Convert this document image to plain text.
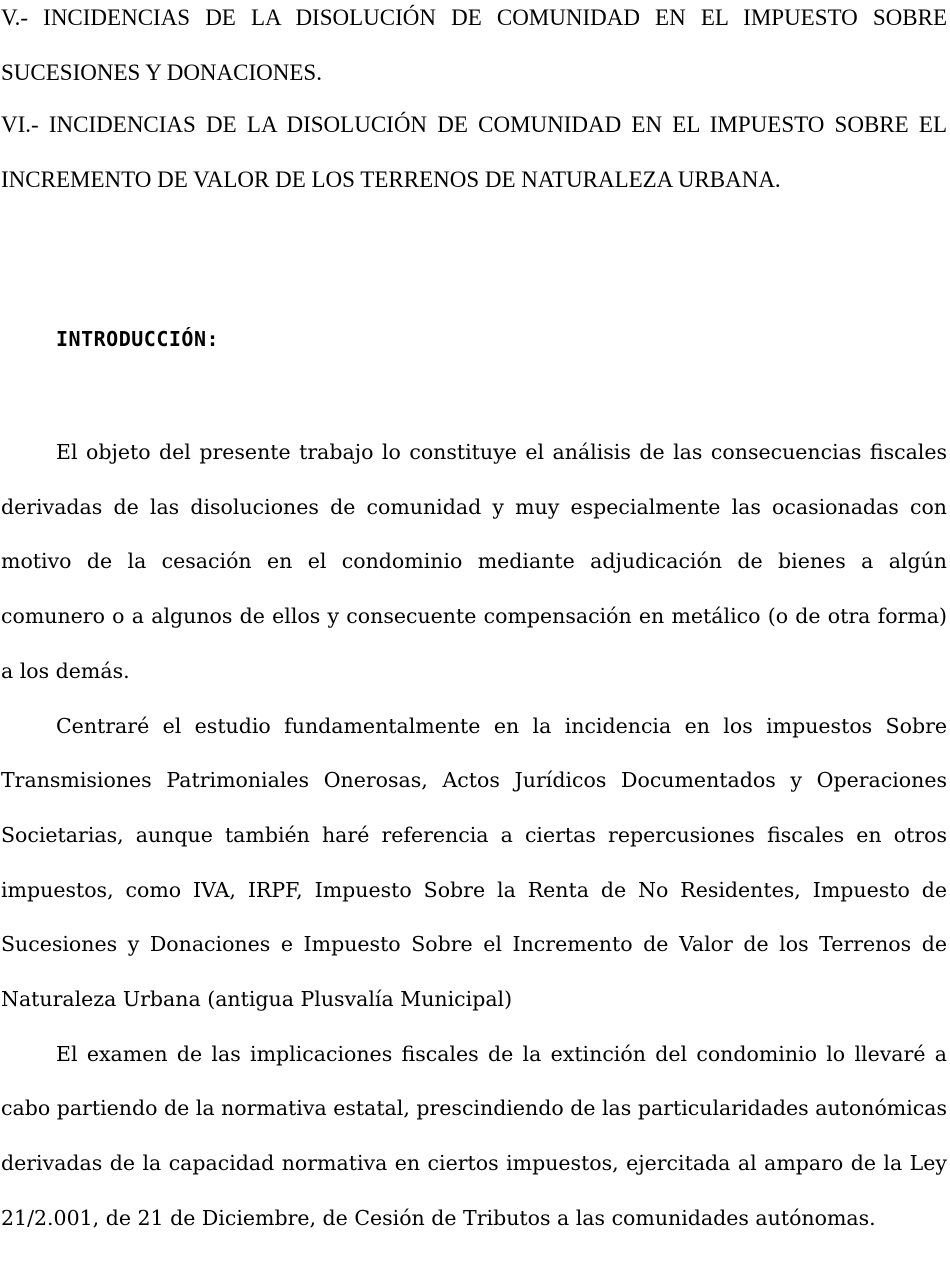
V.- INCIDENCIAS DE LA DISOLUCIÓN DE COMUNIDAD EN EL IMPUESTO SOBRE SUCESIONES Y DONACIONES.

VI.- INCIDENCIAS DE LA DISOLUCIÓN DE COMUNIDAD EN EL IMPUESTO SOBRE EL INCREMENTO DE VALOR DE LOS TERRENOS DE NATURALEZA URBANA.

INTRODUCCIÓN:

El objeto del presente trabajo lo constituye el análisis de las consecuencias fiscales derivadas de las disoluciones de comunidad y muy especialmente las ocasionadas con motivo de la cesación en el condominio mediante adjudicación de bienes a algún comunero o a algunos de ellos y consecuente compensación en metálico (o de otra forma) a los demás.

Centraré el estudio fundamentalmente en la incidencia en los impuestos Sobre Transmisiones Patrimoniales Onerosas, Actos Jurídicos Documentados y Operaciones Societarias, aunque también haré referencia a ciertas repercusiones fiscales en otros impuestos, como IVA, IRPF, Impuesto Sobre la Renta de No Residentes, Impuesto de Sucesiones y Donaciones e Impuesto Sobre el Incremento de Valor de los Terrenos de Naturaleza Urbana (antigua Plusvalía Municipal)

El examen de las implicaciones fiscales de la extinción del condominio lo llevaré a cabo partiendo de la normativa estatal, prescindiendo de las particularidades autonómicas derivadas de la capacidad normativa en ciertos impuestos, ejercitada al amparo de la Ley 21/2.001, de 21 de Diciembre, de Cesión de Tributos a las comunidades autónomas.
